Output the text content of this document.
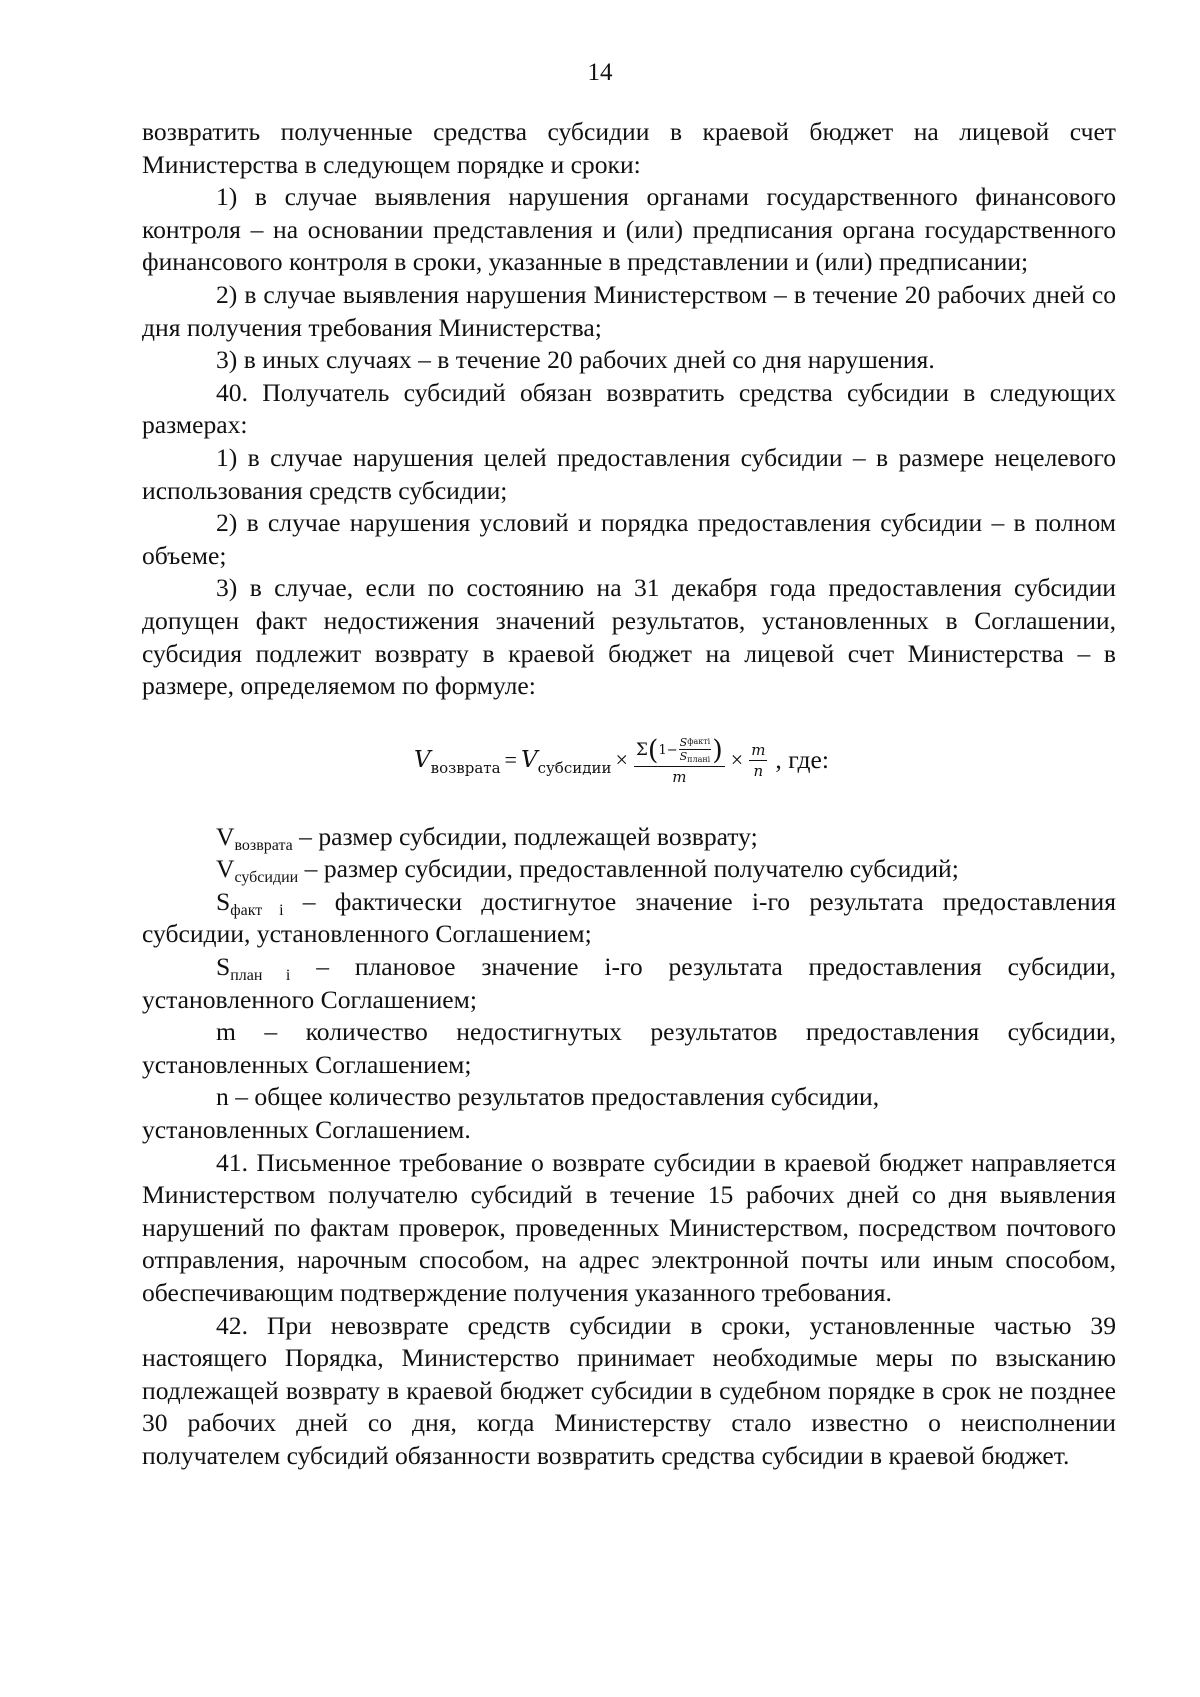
14

возвратить полученные средства субсидии в краевой бюджет на лицевой счет Министерства в следующем порядке и сроки:

1) в случае выявления нарушения органами государственного финансового контроля – на основании представления и (или) предписания органа государственного финансового контроля в сроки, указанные в представлении и (или) предписании;

2) в случае выявления нарушения Министерством – в течение 20 рабочих дней со дня получения требования Министерства;

3) в иных случаях – в течение 20 рабочих дней со дня нарушения.

40. Получатель субсидий обязан возвратить средства субсидии в следующих размерах:

1) в случае нарушения целей предоставления субсидии – в размере нецелевого использования средств субсидии;

2) в случае нарушения условий и порядка предоставления субсидии – в полном объеме;

3) в случае, если по состоянию на 31 декабря года предоставления субсидии допущен факт недостижения значений результатов, установленных в Соглашении, субсидия подлежит возврату в краевой бюджет на лицевой счет Министерства – в размере, определяемом по формуле:

$V_{возврата} = V_{субсидии} \times \Sigma$ ( $1 - \frac{\text{S факт i}}{\text{Sпланi}}$ )
m
× $\frac{m}{n}$ , где:

$V_{возврата}$ – размер субсидии, подлежащей возврату;

$V_{субсидии}$ – размер субсидии, предоставленной получателю субсидий;

$S_{факт i}$ – фактически достигнутое значение i-го результата предоставления субсидии, установленного Соглашением;

$S_{план i}$ – плановое значение i-го результата предоставления субсидии, установленного Соглашением;

m – количество недостигнутых результатов предоставления субсидии, установленных Соглашением;

n – общее количество результатов предоставления субсидии,

установленных Соглашением.

41. Письменное требование о возврате субсидии в краевой бюджет направляется Министерством получателю субсидий в течение 15 рабочих дней со дня выявления нарушений по фактам проверок, проведенных Министерством, посредством почтового отправления, нарочным способом, на адрес электронной почты или иным способом, обеспечивающим подтверждение получения указанного требования.

42. При невозврате средств субсидии в сроки, установленные частью 39 настоящего Порядка, Министерство принимает необходимые меры по взысканию подлежащей возврату в краевой бюджет субсидии в судебном порядке в срок не позднее 30 рабочих дней со дня, когда Министерству стало известно о неисполнении получателем субсидий обязанности возвратить средства субсидии в краевой бюджет.
